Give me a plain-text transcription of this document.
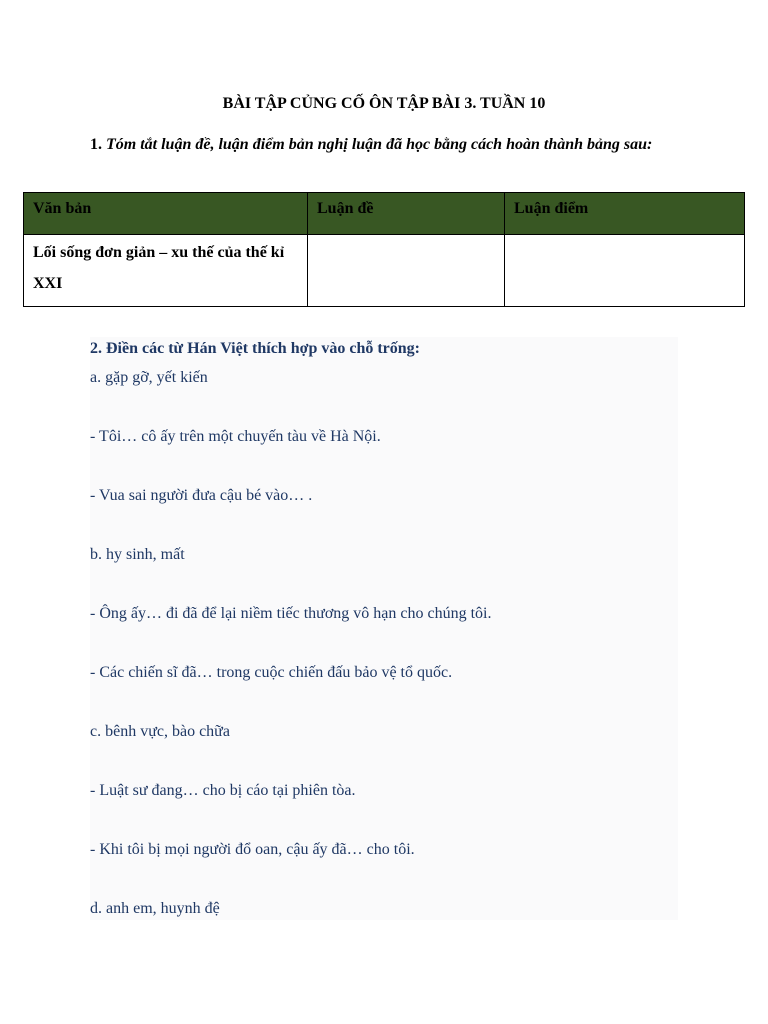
BÀI TẬP CỦNG CỐ ÔN TẬP BÀI 3. TUẦN 10
1. Tóm tắt luận đề, luận điểm bản nghị luận đã học bằng cách hoàn thành bảng sau:
Văn bản	Luận đề	Luận điểm
Lối sống đơn giản – xu thế của thế kỉ XXI		
2. Điền các từ Hán Việt thích hợp vào chỗ trống:
a. gặp gỡ, yết kiến
- Tôi… cô ấy trên một chuyến tàu về Hà Nội.
- Vua sai người đưa cậu bé vào… .
b. hy sinh, mất
- Ông ấy… đi đã để lại niềm tiếc thương vô hạn cho chúng tôi.
- Các chiến sĩ đã… trong cuộc chiến đấu bảo vệ tổ quốc.
c. bênh vực, bào chữa
- Luật sư đang… cho bị cáo tại phiên tòa.
- Khi tôi bị mọi người đổ oan, cậu ấy đã… cho tôi.
d. anh em, huynh đệ
